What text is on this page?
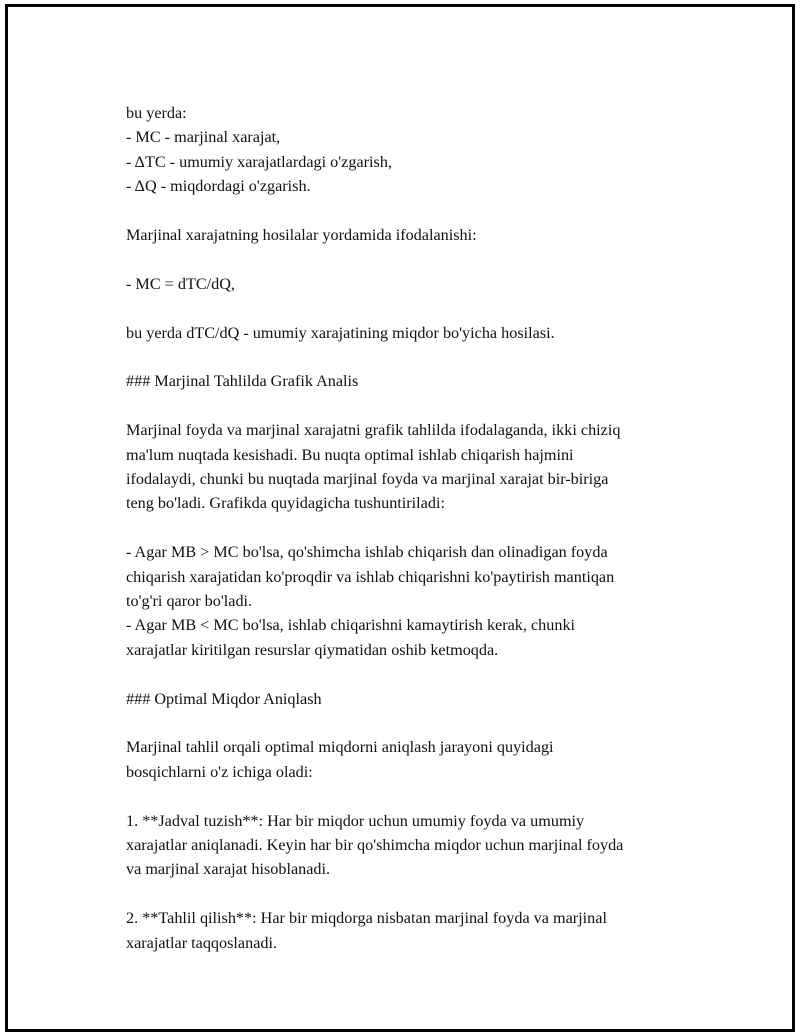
bu yerda:
- MC - marjinal xarajat,
- ΔTC - umumiy xarajatlardagi o'zgarish,
- ΔQ - miqdordagi o'zgarish.

Marjinal xarajatning hosilalar yordamida ifodalanishi:

- MC = dTC/dQ,

bu yerda dTC/dQ - umumiy xarajatining miqdor bo'yicha hosilasi.

### Marjinal Tahlilda Grafik Analis

Marjinal foyda va marjinal xarajatni grafik tahlilda ifodalaganda, ikki chiziq
ma'lum nuqtada kesishadi. Bu nuqta optimal ishlab chiqarish hajmini
ifodalaydi, chunki bu nuqtada marjinal foyda va marjinal xarajat bir-biriga
teng bo'ladi. Grafikda quyidagicha tushuntiriladi:

- Agar MB > MC bo'lsa, qo'shimcha ishlab chiqarish dan olinadigan foyda
chiqarish xarajatidan ko'proqdir va ishlab chiqarishni ko'paytirish mantiqan
to'g'ri qaror bo'ladi.
- Agar MB < MC bo'lsa, ishlab chiqarishni kamaytirish kerak, chunki
xarajatlar kiritilgan resurslar qiymatidan oshib ketmoqda.

### Optimal Miqdor Aniqlash

Marjinal tahlil orqali optimal miqdorni aniqlash jarayoni quyidagi
bosqichlarni o'z ichiga oladi:

1. **Jadval tuzish**: Har bir miqdor uchun umumiy foyda va umumiy
xarajatlar aniqlanadi. Keyin har bir qo'shimcha miqdor uchun marjinal foyda
va marjinal xarajat hisoblanadi.

2. **Tahlil qilish**: Har bir miqdorga nisbatan marjinal foyda va marjinal
xarajatlar taqqoslanadi.
